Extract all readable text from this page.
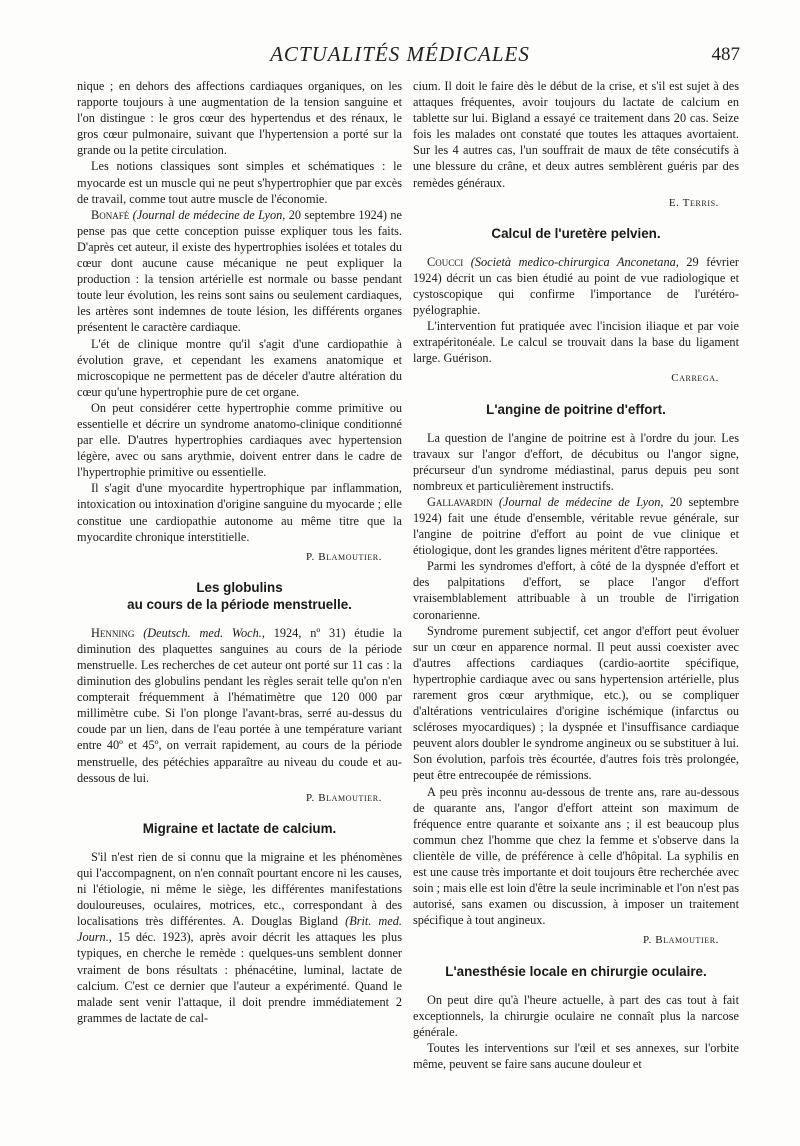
ACTUALITÉS MÉDICALES	487

nique ; en dehors des affections cardiaques organiques, on les rapporte toujours à une augmentation de la tension sanguine et l'on distingue : le gros cœur des hypertendus et des rénaux, le gros cœur pulmonaire, suivant que l'hypertension a porté sur la grande ou la petite circulation.

Les notions classiques sont simples et schématiques : le myocarde est un muscle qui ne peut s'hypertrophier que par excès de travail, comme tout autre muscle de l'économie.

Bonafé (Journal de médecine de Lyon, 20 septembre 1924) ne pense pas que cette conception puisse expliquer tous les faits. D'après cet auteur, il existe des hypertrophies isolées et totales du cœur dont aucune cause mécanique ne peut expliquer la production : la tension artérielle est normale ou basse pendant toute leur évolution, les reins sont sains ou seulement cardiaques, les artères sont indemnes de toute lésion, les différents organes présentent le caractère cardiaque.

L'ét de clinique montre qu'il s'agit d'une cardiopathie à évolution grave, et cependant les examens anatomique et microscopique ne permettent pas de déceler d'autre altération du cœur qu'une hypertrophie pure de cet organe.

On peut considérer cette hypertrophie comme primitive ou essentielle et décrire un syndrome anatomo-clinique conditionné par elle. D'autres hypertrophies cardiaques avec hypertension légère, avec ou sans arythmie, doivent entrer dans le cadre de l'hypertrophie primitive ou essentielle.

Il s'agit d'une myocardite hypertrophique par inflammation, intoxication ou intoxination d'origine sanguine du myocarde ; elle constitue une cardiopathie autonome au même titre que la myocardite chronique interstitielle.

P. Blamoutier.
Les globulins
au cours de la période menstruelle.

Henning (Deutsch. med. Woch., 1924, nº 31) étudie la diminution des plaquettes sanguines au cours de la période menstruelle. Les recherches de cet auteur ont porté sur 11 cas : la diminution des globulins pendant les règles serait telle qu'on n'en compterait fréquemment à l'hématimètre que 120 000 par millimètre cube. Si l'on plonge l'avant-bras, serré au-dessus du coude par un lien, dans de l'eau portée à une température variant entre 40º et 45º, on verrait rapidement, au cours de la période menstruelle, des pétéchies apparaître au niveau du coude et au-dessous de lui.

P. Blamoutier.
Migraine et lactate de calcium.

S'il n'est rien de si connu que la migraine et les phénomènes qui l'accompagnent, on n'en connaît pourtant encore ni les causes, ni l'étiologie, ni même le siège, les différentes manifestations douloureuses, oculaires, motrices, etc., correspondant à des localisations très différentes. A. Douglas Bigland (Brit. med. Journ., 15 déc. 1923), après avoir décrit les attaques les plus typiques, en cherche le remède : quelques-uns semblent donner vraiment de bons résultats : phénacétine, luminal, lactate de calcium. C'est ce dernier que l'auteur a expérimenté. Quand le malade sent venir l'attaque, il doit prendre immédiatement 2 grammes de lactate de cal-

cium. Il doit le faire dès le début de la crise, et s'il est sujet à des attaques fréquentes, avoir toujours du lactate de calcium en tablette sur lui. Bigland a essayé ce traitement dans 20 cas. Seize fois les malades ont constaté que toutes les attaques avortaient. Sur les 4 autres cas, l'un souffrait de maux de tête consécutifs à une blessure du crâne, et deux autres semblèrent guéris par des remèdes généraux.

E. Terris.
Calcul de l'uretère pelvien.

Coucci (Società medico-chirurgica Anconetana, 29 février 1924) décrit un cas bien étudié au point de vue radiologique et cystoscopique qui confirme l'importance de l'urétéro-pyélographie.

L'intervention fut pratiquée avec l'incision iliaque et par voie extrapéritonéale. Le calcul se trouvait dans la base du ligament large. Guérison.

Carrega.
L'angine de poitrine d'effort.

La question de l'angine de poitrine est à l'ordre du jour. Les travaux sur l'angor d'effort, de décubitus ou l'angor signe, précurseur d'un syndrome médiastinal, parus depuis peu sont nombreux et particulièrement instructifs.

Gallavardin (Journal de médecine de Lyon, 20 septembre 1924) fait une étude d'ensemble, véritable revue générale, sur l'angine de poitrine d'effort au point de vue clinique et étiologique, dont les grandes lignes méritent d'être rapportées.

Parmi les syndromes d'effort, à côté de la dyspnée d'effort et des palpitations d'effort, se place l'angor d'effort vraisemblablement attribuable à un trouble de l'irrigation coronarienne.

Syndrome purement subjectif, cet angor d'effort peut évoluer sur un cœur en apparence normal. Il peut aussi coexister avec d'autres affections cardiaques (cardio-aortite spécifique, hypertrophie cardiaque avec ou sans hypertension artérielle, plus rarement gros cœur arythmique, etc.), ou se compliquer d'altérations ventriculaires d'origine ischémique (infarctus ou scléroses myocardiques) ; la dyspnée et l'insuffisance cardiaque peuvent alors doubler le syndrome angineux ou se substituer à lui. Son évolution, parfois très écourtée, d'autres fois très prolongée, peut être entrecoupée de rémissions.

A peu près inconnu au-dessous de trente ans, rare au-dessous de quarante ans, l'angor d'effort atteint son maximum de fréquence entre quarante et soixante ans ; il est beaucoup plus commun chez l'homme que chez la femme et s'observe dans la clientèle de ville, de préférence à celle d'hôpital. La syphilis en est une cause très importante et doit toujours être recherchée avec soin ; mais elle est loin d'être la seule incriminable et l'on n'est pas autorisé, sans examen ou discussion, à imposer un traitement spécifique à tout angineux.

P. Blamoutier.
L'anesthésie locale en chirurgie oculaire.

On peut dire qu'à l'heure actuelle, à part des cas tout à fait exceptionnels, la chirurgie oculaire ne connaît plus la narcose générale.

Toutes les interventions sur l'œil et ses annexes, sur l'orbite même, peuvent se faire sans aucune douleur et
